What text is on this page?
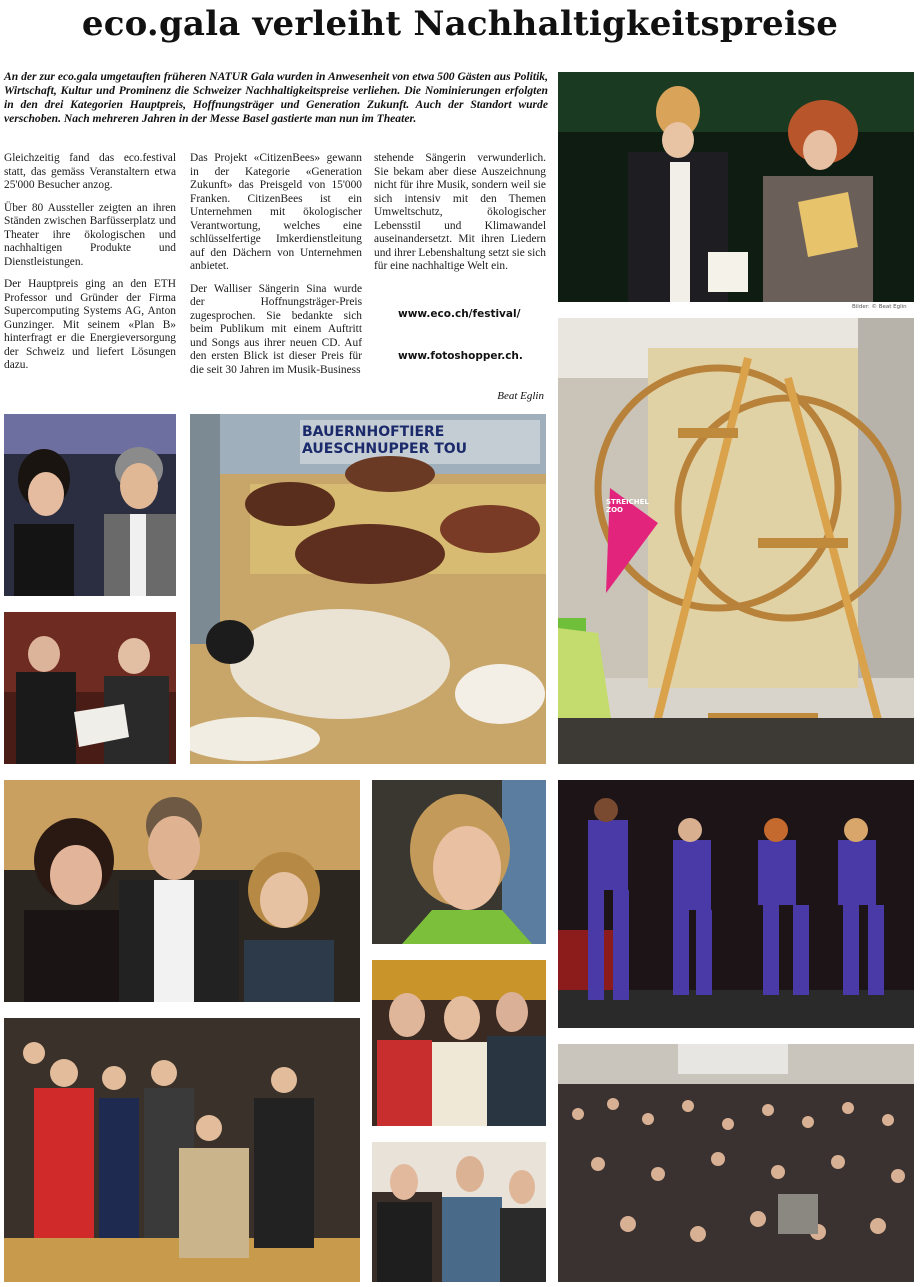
eco.gala verleiht Nachhaltigkeitspreise
An der zur eco.gala umgetauften früheren NATUR Gala wurden in Anwesenheit von etwa 500 Gästen aus Politik, Wirtschaft, Kultur und Prominenz die Schweizer Nachhaltigkeitspreise verliehen. Die Nominierungen erfolgten in den drei Kategorien Hauptpreis, Hoffnungsträger und Generation Zukunft. Auch der Standort wurde verschoben. Nach mehreren Jahren in der Messe Basel gastierte man nun im Theater.

Gleichzeitig fand das eco.festival statt, das gemäss Veranstaltern etwa 25'000 Besucher anzog.

Über 80 Aussteller zeigten an ihren Ständen zwischen Barfüsserplatz und Theater ihre ökologischen und nachhaltigen Produkte und Dienstleistungen.

Der Hauptpreis ging an den ETH Professor und Gründer der Firma Supercomputing Systems AG, Anton Gunzinger. Mit seinem «Plan B» hinterfragt er die Energieversorgung der Schweiz und liefert Lösungen dazu.

Das Projekt «CitizenBees» gewann in der Kategorie «Generation Zukunft» das Preisgeld von 15'000 Franken. CitizenBees ist ein Unternehmen mit ökologischer Verantwortung, welches eine schlüsselfertige Imkerdienstleitung auf den Dächern von Unternehmen anbietet.

Der Walliser Sängerin Sina wurde der Hoffnungsträger-Preis zugesprochen. Sie bedankte sich beim Publikum mit einem Auftritt und Songs aus ihrer neuen CD. Auf den ersten Blick ist dieser Preis für die seit 30 Jahren im Musik-Business

stehende Sängerin verwunderlich. Sie bekam aber diese Auszeichnung nicht für ihre Musik, sondern weil sie sich intensiv mit den Themen Umweltschutz, ökologischer Lebensstil und Klimawandel auseinandersetzt. Mit ihren Liedern und ihrer Lebenshaltung setzt sie sich für eine nachhaltige Welt ein.

www.eco.ch/festival/
www.fotoshopper.ch.
Beat Eglin
Bilder: © Beat Eglin
STREICHEL ZOO
BAUERNHOFTIERE AUESCHNUPPER TOU
